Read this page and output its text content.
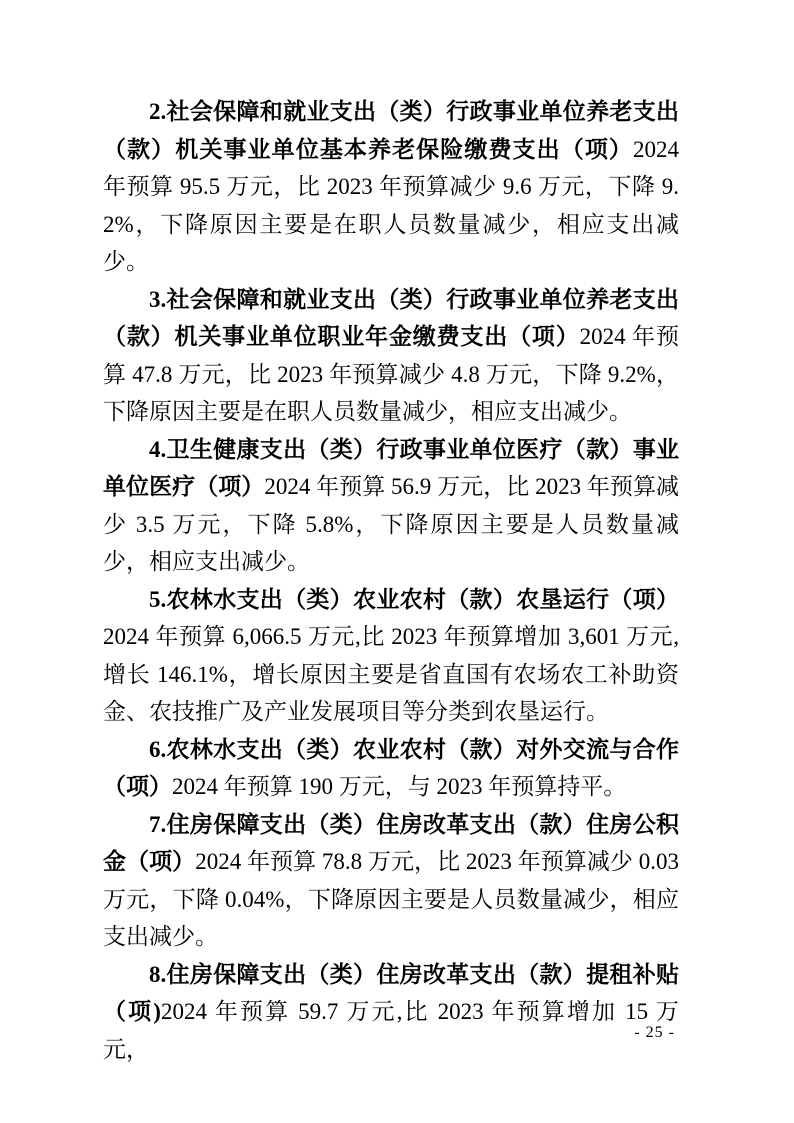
2.社会保障和就业支出（类）行政事业单位养老支出（款）机关事业单位基本养老保险缴费支出（项）2024 年预算 95.5 万元，比 2023 年预算减少 9.6 万元，下降 9.2%，下降原因主要是在职人员数量减少，相应支出减少。

3.社会保障和就业支出（类）行政事业单位养老支出（款）机关事业单位职业年金缴费支出（项）2024 年预算 47.8 万元，比 2023 年预算减少 4.8 万元，下降 9.2%，下降原因主要是在职人员数量减少，相应支出减少。

4.卫生健康支出（类）行政事业单位医疗（款）事业单位医疗（项）2024 年预算 56.9 万元，比 2023 年预算减少 3.5 万元，下降 5.8%，下降原因主要是人员数量减少，相应支出减少。

5.农林水支出（类）农业农村（款）农垦运行（项）2024 年预算 6,066.5 万元,比 2023 年预算增加 3,601 万元,增长 146.1%，增长原因主要是省直国有农场农工补助资金、农技推广及产业发展项目等分类到农垦运行。

6.农林水支出（类）农业农村（款）对外交流与合作（项）2024 年预算 190 万元，与 2023 年预算持平。

7.住房保障支出（类）住房改革支出（款）住房公积金（项）2024 年预算 78.8 万元，比 2023 年预算减少 0.03 万元，下降 0.04%，下降原因主要是人员数量减少，相应支出减少。

8.住房保障支出（类）住房改革支出（款）提租补贴（项)2024 年预算 59.7 万元,比 2023 年预算增加 15 万元，

- 25 -
